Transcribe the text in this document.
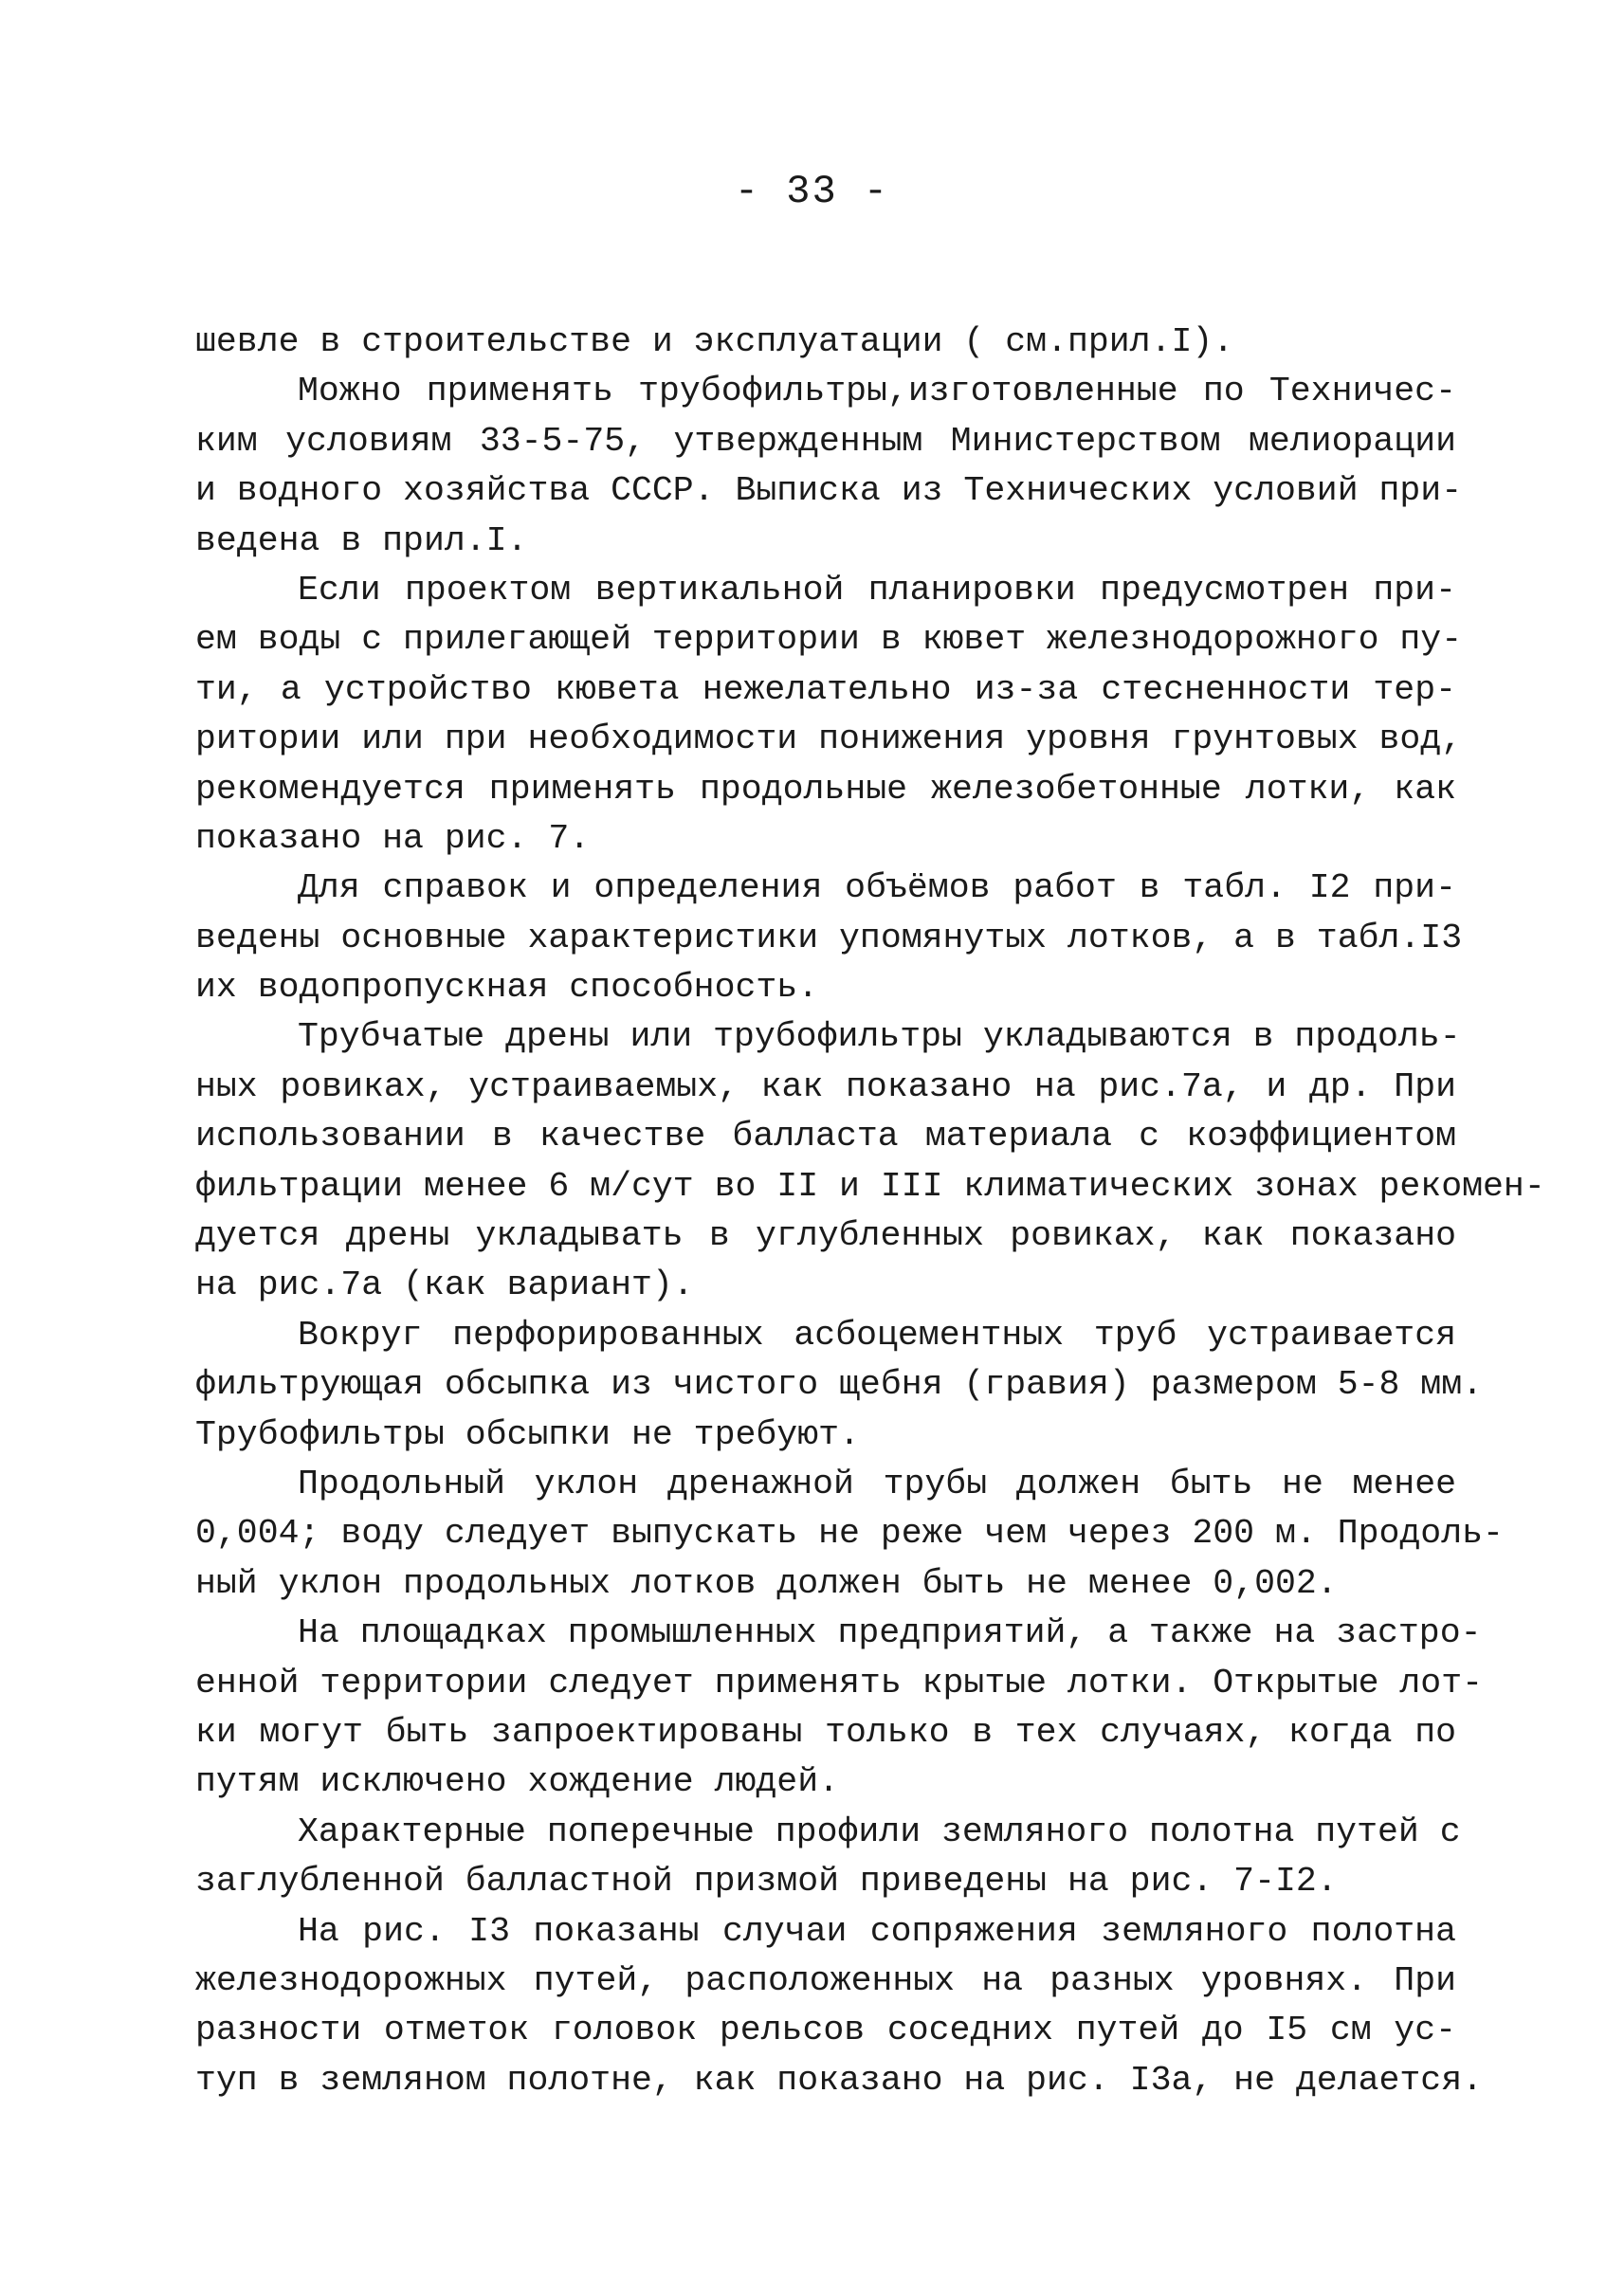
- 33 -
шевле в строительстве и эксплуатации ( см.прил.I).
Можно применять трубофильтры,изготовленные по Техничес-
ким условиям 33-5-75, утвержденным Министерством мелиорации
и водного хозяйства СССР. Выписка из Технических условий при-
ведена в прил.I.
Если проектом вертикальной планировки предусмотрен при-
ем воды с прилегающей территории в кювет железнодорожного пу-
ти, а устройство кювета нежелательно из-за стесненности тер-
ритории или при необходимости понижения уровня грунтовых вод,
рекомендуется применять продольные железобетонные лотки, как
показано на рис. 7.
Для справок и определения объёмов работ в табл. I2 при-
ведены основные характеристики упомянутых лотков, а в табл.I3
их водопропускная способность.
Трубчатые дрены или трубофильтры укладываются в продоль-
ных ровиках, устраиваемых, как показано на рис.7а, и др. При
использовании в качестве балласта материала с коэффициентом
фильтрации менее 6 м/сут во II и III климатических зонах рекомен-
дуется дрены укладывать в углубленных ровиках, как показано
на рис.7а (как вариант).
Вокруг перфорированных асбоцементных труб устраивается
фильтрующая обсыпка из чистого щебня (гравия) размером 5-8 мм.
Трубофильтры обсыпки не требуют.
Продольный уклон дренажной трубы должен быть не менее
0,004; воду следует выпускать не реже чем через 200 м. Продоль-
ный уклон продольных лотков должен быть не менее 0,002.
На площадках промышленных предприятий, а также на застро-
енной территории следует применять крытые лотки. Открытые лот-
ки могут быть запроектированы только в тех случаях, когда по
путям исключено хождение людей.
Характерные поперечные профили земляного полотна путей с
заглубленной балластной призмой приведены на рис. 7-I2.
На рис. I3 показаны случаи сопряжения земляного полотна
железнодорожных путей, расположенных на разных уровнях. При
разности отметок головок рельсов соседних путей до I5 см ус-
туп в земляном полотне, как показано на рис. I3а, не делается.
